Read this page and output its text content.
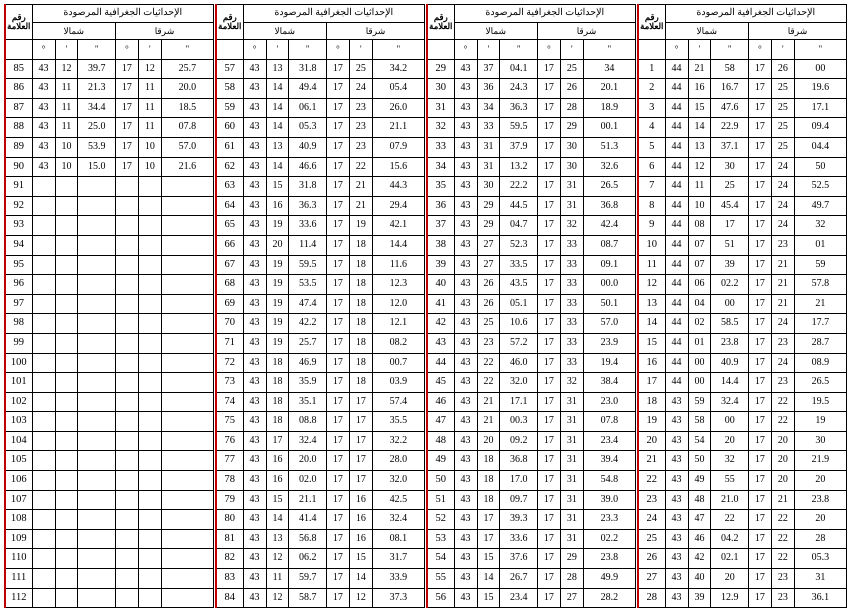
رقم
العلامة	الإحداثيات الجغرافية المرصودة					
	شمالا			شرقا		
	°	'	"	°	'	"
1	44	21	58	17	26	00
2	44	16	16.7	17	25	19.6
3	44	15	47.6	17	25	17.1
4	44	14	22.9	17	25	09.4
5	44	13	37.1	17	25	04.4
6	44	12	30	17	24	50
7	44	11	25	17	24	52.5
8	44	10	45.4	17	24	49.7
9	44	08	17	17	24	32
10	44	07	51	17	23	01
11	44	07	39	17	21	59
12	44	06	02.2	17	21	57.8
13	44	04	00	17	21	21
14	44	02	58.5	17	24	17.7
15	44	01	23.8	17	23	28.7
16	44	00	40.9	17	24	08.9
17	44	00	14.4	17	23	26.5
18	43	59	32.4	17	22	19.5
19	43	58	00	17	22	19
20	43	54	20	17	20	30
21	43	50	32	17	20	21.9
22	43	49	55	17	20	20
23	43	48	21.0	17	21	23.8
24	43	47	22	17	22	20
25	43	46	04.2	17	22	28
26	43	42	02.1	17	22	05.3
27	43	40	20	17	23	31
28	43	39	12.9	17	23	36.1
رقم
العلامة	الإحداثيات الجغرافية المرصودة					
	شمالا			شرقا		
	°	'	"	°	'	"
29	43	37	04.1	17	25	34
30	43	36	24.3	17	26	20.1
31	43	34	36.3	17	28	18.9
32	43	33	59.5	17	29	00.1
33	43	31	37.9	17	30	51.3
34	43	31	13.2	17	30	32.6
35	43	30	22.2	17	31	26.5
36	43	29	44.5	17	31	36.8
37	43	29	04.7	17	32	42.4
38	43	27	52.3	17	33	08.7
39	43	27	33.5	17	33	09.1
40	43	26	43.5	17	33	00.0
41	43	26	05.1	17	33	50.1
42	43	25	10.6	17	33	57.0
43	43	23	57.2	17	33	23.9
44	43	22	46.0	17	33	19.4
45	43	22	32.0	17	32	38.4
46	43	21	17.1	17	31	23.0
47	43	21	00.3	17	31	07.8
48	43	20	09.2	17	31	23.4
49	43	18	36.8	17	31	39.4
50	43	18	17.0	17	31	54.8
51	43	18	09.7	17	31	39.0
52	43	17	39.3	17	31	23.3
53	43	17	33.6	17	31	02.2
54	43	15	37.6	17	29	23.8
55	43	14	26.7	17	28	49.9
56	43	15	23.4	17	27	28.2
رقم
العلامة	الإحداثيات الجغرافية المرصودة					
	شمالا			شرقا		
	°	'	"	°	'	"
57	43	13	31.8	17	25	34.2
58	43	14	49.4	17	24	05.4
59	43	14	06.1	17	23	26.0
60	43	14	05.3	17	23	21.1
61	43	13	40.9	17	23	07.9
62	43	14	46.6	17	22	15.6
63	43	15	31.8	17	21	44.3
64	43	16	36.3	17	21	29.4
65	43	19	33.6	17	19	42.1
66	43	20	11.4	17	18	14.4
67	43	19	59.5	17	18	11.6
68	43	19	53.5	17	18	12.3
69	43	19	47.4	17	18	12.0
70	43	19	42.2	17	18	12.1
71	43	19	25.7	17	18	08.2
72	43	18	46.9	17	18	00.7
73	43	18	35.9	17	18	03.9
74	43	18	35.1	17	17	57.4
75	43	18	08.8	17	17	35.5
76	43	17	32.4	17	17	32.2
77	43	16	20.0	17	17	28.0
78	43	16	02.0	17	17	32.0
79	43	15	21.1	17	16	42.5
80	43	14	41.4	17	16	32.4
81	43	13	56.8	17	16	08.1
82	43	12	06.2	17	15	31.7
83	43	11	59.7	17	14	33.9
84	43	12	58.7	17	12	37.3
رقم
العلامة	الإحداثيات الجغرافية المرصودة					
	شمالا			شرقا		
	°	'	"	°	'	"
85	43	12	39.7	17	12	25.7
86	43	11	21.3	17	11	20.0
87	43	11	34.4	17	11	18.5
88	43	11	25.0	17	11	07.8
89	43	10	53.9	17	10	57.0
90	43	10	15.0	17	10	21.6
91						
92						
93						
94						
95						
96						
97						
98						
99						
100						
101						
102						
103						
104						
105						
106						
107						
108						
109						
110						
111						
112						
